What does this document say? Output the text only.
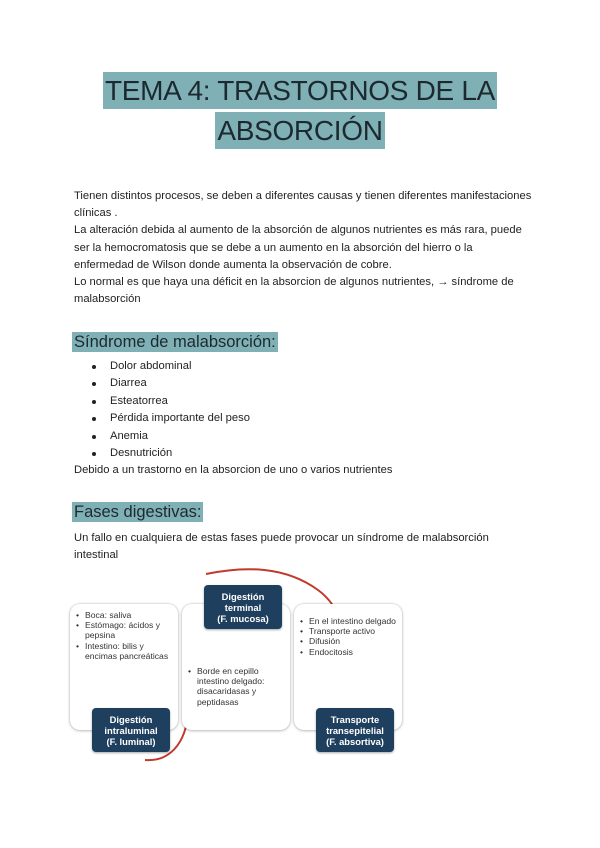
TEMA 4: TRASTORNOS DE LA
ABSORCIÓN

Tienen distintos procesos, se deben a diferentes causas y tienen diferentes manifestaciones clínicas .

La alteración debida al aumento de la absorción de algunos nutrientes es más rara, puede ser la hemocromatosis que se debe a un aumento en la absorción del hierro o la enfermedad de Wilson donde aumenta la observación de cobre.

Lo normal es que haya una déficit en la absorcion de algunos nutrientes, → síndrome de malabsorción

Síndrome de malabsorción:
Dolor abdominal
Diarrea
Esteatorrea
Pérdida importante del peso
Anemia
Desnutrición

Debido a un trastorno en la absorcion de uno o varios nutrientes

Fases digestivas:
Un fallo en cualquiera de estas fases puede provocar un síndrome de malabsorción intestinal
• Boca: saliva
• Estómago: ácidos y pepsina
• Intestino: bilis y encimas pancreáticas
• Borde en cepillo intestino delgado: disacaridasas y peptidasas
• En el intestino delgado
• Transporte activo
• Difusión
• Endocitosis
Digestión
intraluminal
(F. luminal)
Digestión
terminal
(F. mucosa)
Transporte
transepitelial
(F. absortiva)
